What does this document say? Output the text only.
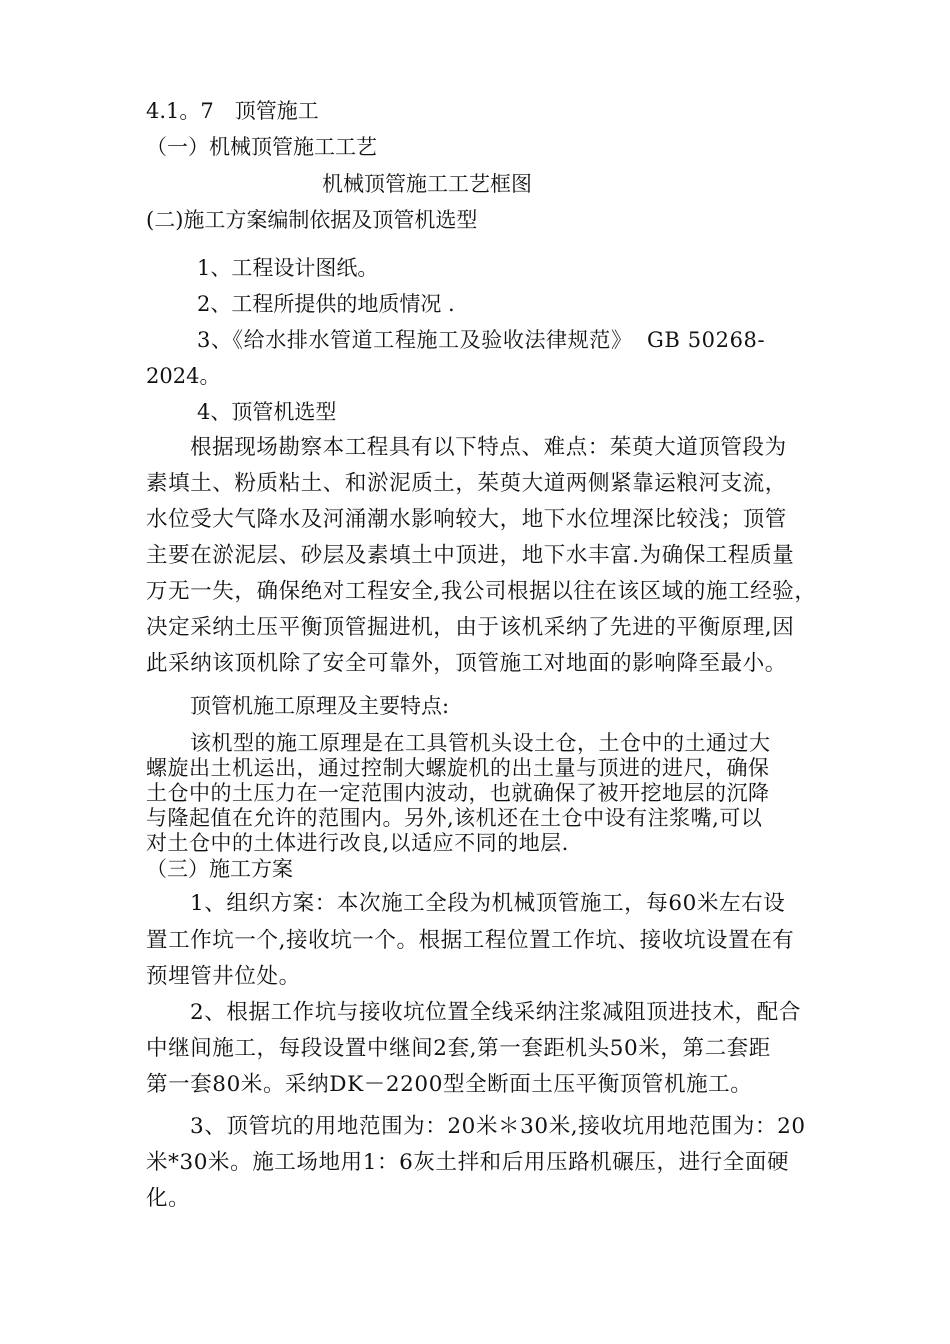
4.1。7　顶管施工
（一）机械顶管施工工艺
机械顶管施工工艺框图
(二)施工方案编制依据及顶管机选型
1、工程设计图纸。
2、工程所提供的地质情况 .
3、《给水排水管道工程施工及验收法律规范》  GB 50268-
2024。
4、顶管机选型
根据现场勘察本工程具有以下特点、难点：茱萸大道顶管段为
素填土、粉质粘土、和淤泥质土，茱萸大道两侧紧靠运粮河支流，
水位受大气降水及河涌潮水影响较大，地下水位埋深比较浅；顶管
主要在淤泥层、砂层及素填土中顶进，地下水丰富.为确保工程质量
万无一失，确保绝对工程安全,我公司根据以往在该区域的施工经验，
决定采纳土压平衡顶管掘进机，由于该机采纳了先进的平衡原理,因
此采纳该顶机除了安全可靠外，顶管施工对地面的影响降至最小。
顶管机施工原理及主要特点:
该机型的施工原理是在工具管机头设土仓，土仓中的土通过大
螺旋出土机运出，通过控制大螺旋机的出土量与顶进的进尺，确保
土仓中的土压力在一定范围内波动，也就确保了被开挖地层的沉降
与隆起值在允许的范围内。另外,该机还在土仓中设有注浆嘴,可以
对土仓中的土体进行改良,以适应不同的地层.
（三）施工方案
1、组织方案：本次施工全段为机械顶管施工，每60米左右设
置工作坑一个,接收坑一个。根据工程位置工作坑、接收坑设置在有
预埋管井位处。
2、根据工作坑与接收坑位置全线采纳注浆减阻顶进技术，配合
中继间施工，每段设置中继间2套,第一套距机头50米，第二套距
第一套80米。采纳DK－2200型全断面土压平衡顶管机施工。
3、顶管坑的用地范围为：20米＊30米,接收坑用地范围为：20
米*30米。施工场地用1：6灰土拌和后用压路机碾压，进行全面硬
化。
